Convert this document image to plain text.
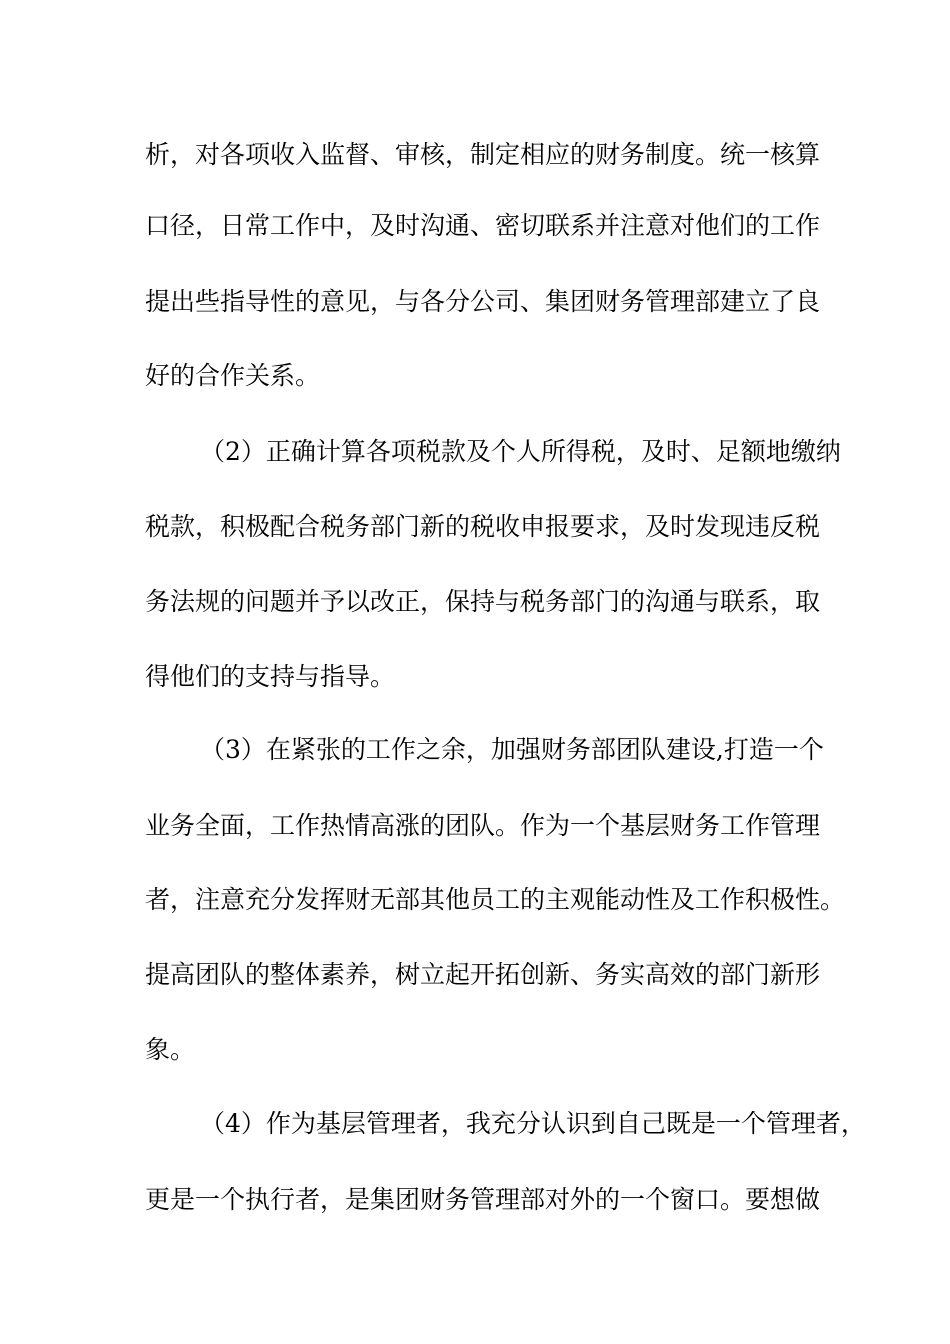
析，对各项收入监督、审核，制定相应的财务制度。统一核算
口径，日常工作中，及时沟通、密切联系并注意对他们的工作
提出些指导性的意见，与各分公司、集团财务管理部建立了良
好的合作关系。
（2）正确计算各项税款及个人所得税，及时、足额地缴纳
税款，积极配合税务部门新的税收申报要求，及时发现违反税
务法规的问题并予以改正，保持与税务部门的沟通与联系，取
得他们的支持与指导。
（3）在紧张的工作之余，加强财务部团队建设,打造一个
业务全面，工作热情高涨的团队。作为一个基层财务工作管理
者，注意充分发挥财无部其他员工的主观能动性及工作积极性。
提高团队的整体素养，树立起开拓创新、务实高效的部门新形
象。
（4）作为基层管理者，我充分认识到自己既是一个管理者，
更是一个执行者，是集团财务管理部对外的一个窗口。要想做
